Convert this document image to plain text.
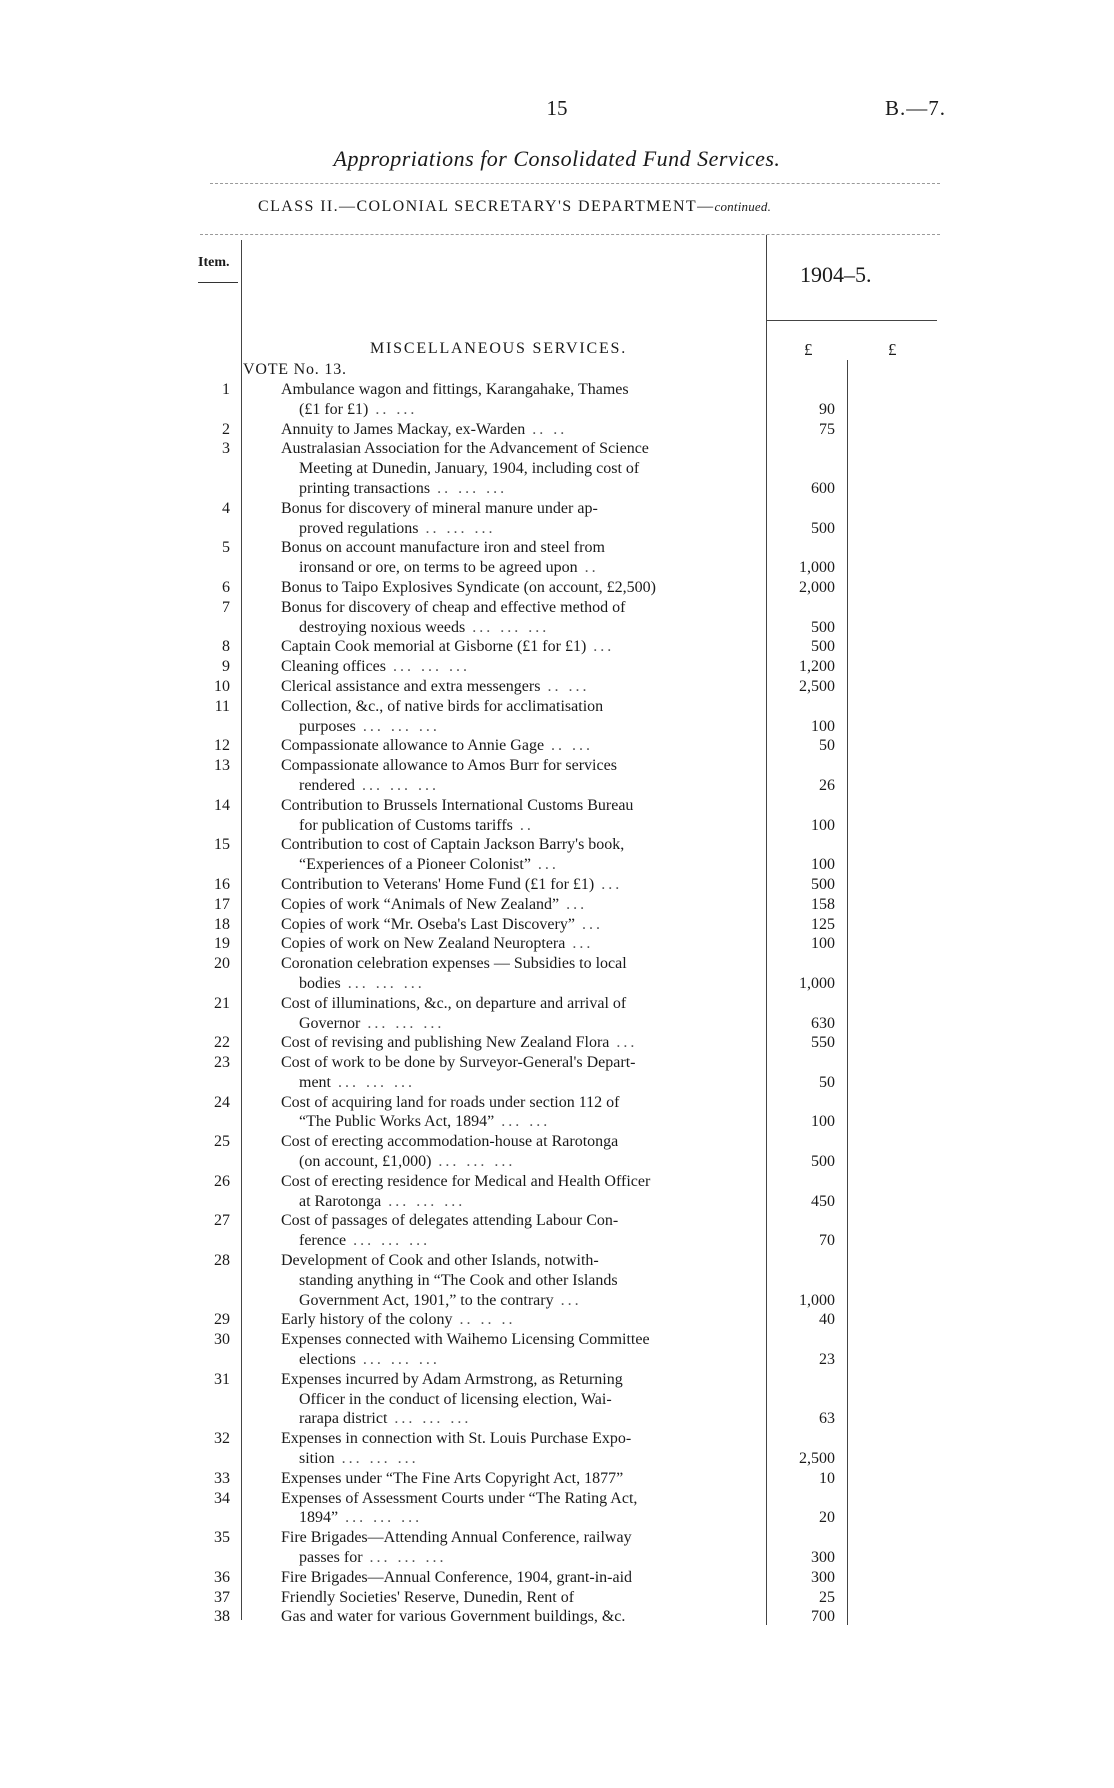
15	B.—7.
Appropriations for Consolidated Fund Services.
CLASS II.—COLONIAL SECRETARY'S DEPARTMENT—continued.
Item.	1904–5.
MISCELLANEOUS SERVICES.	£	£
VOTE No. 13.
1	Ambulance wagon and fittings, Karangahake, Thames
(£1 for £1) .. ...	90
2	Annuity to James Mackay, ex-Warden .. ..	75
3	Australasian Association for the Advancement of Science
Meeting at Dunedin, January, 1904, including cost of
printing transactions .. ... ...	600
4	Bonus for discovery of mineral manure under ap-
proved regulations .. ... ...	500
5	Bonus on account manufacture iron and steel from
ironsand or ore, on terms to be agreed upon ..	1,000
6	Bonus to Taipo Explosives Syndicate (on account, £2,500)	2,000
7	Bonus for discovery of cheap and effective method of
destroying noxious weeds ... ... ...	500
8	Captain Cook memorial at Gisborne (£1 for £1) ...	500
9	Cleaning offices ... ... ...	1,200
10	Clerical assistance and extra messengers .. ...	2,500
11	Collection, &c., of native birds for acclimatisation
purposes ... ... ...	100
12	Compassionate allowance to Annie Gage .. ...	50
13	Compassionate allowance to Amos Burr for services
rendered ... ... ...	26
14	Contribution to Brussels International Customs Bureau
for publication of Customs tariffs ..	100
15	Contribution to cost of Captain Jackson Barry's book,
“Experiences of a Pioneer Colonist” ...	100
16	Contribution to Veterans' Home Fund (£1 for £1) ...	500
17	Copies of work “Animals of New Zealand” ...	158
18	Copies of work “Mr. Oseba's Last Discovery” ...	125
19	Copies of work on New Zealand Neuroptera ...	100
20	Coronation celebration expenses — Subsidies to local
bodies ... ... ...	1,000
21	Cost of illuminations, &c., on departure and arrival of
Governor ... ... ...	630
22	Cost of revising and publishing New Zealand Flora ...	550
23	Cost of work to be done by Surveyor-General's Depart-
ment ... ... ...	50
24	Cost of acquiring land for roads under section 112 of
“The Public Works Act, 1894” ... ...	100
25	Cost of erecting accommodation-house at Rarotonga
(on account, £1,000) ... ... ...	500
26	Cost of erecting residence for Medical and Health Officer
at Rarotonga ... ... ...	450
27	Cost of passages of delegates attending Labour Con-
ference ... ... ...	70
28	Development of Cook and other Islands, notwith-
standing anything in “The Cook and other Islands
Government Act, 1901,” to the contrary ...	1,000
29	Early history of the colony .. .. ..	40
30	Expenses connected with Waihemo Licensing Committee
elections ... ... ...	23
31	Expenses incurred by Adam Armstrong, as Returning
Officer in the conduct of licensing election, Wai-
rarapa district ... ... ...	63
32	Expenses in connection with St. Louis Purchase Expo-
sition ... ... ...	2,500
33	Expenses under “The Fine Arts Copyright Act, 1877”	10
34	Expenses of Assessment Courts under “The Rating Act,
1894” ... ... ...	20
35	Fire Brigades—Attending Annual Conference, railway
passes for ... ... ...	300
36	Fire Brigades—Annual Conference, 1904, grant-in-aid	300
37	Friendly Societies' Reserve, Dunedin, Rent of	25
38	Gas and water for various Government buildings, &c.	700
